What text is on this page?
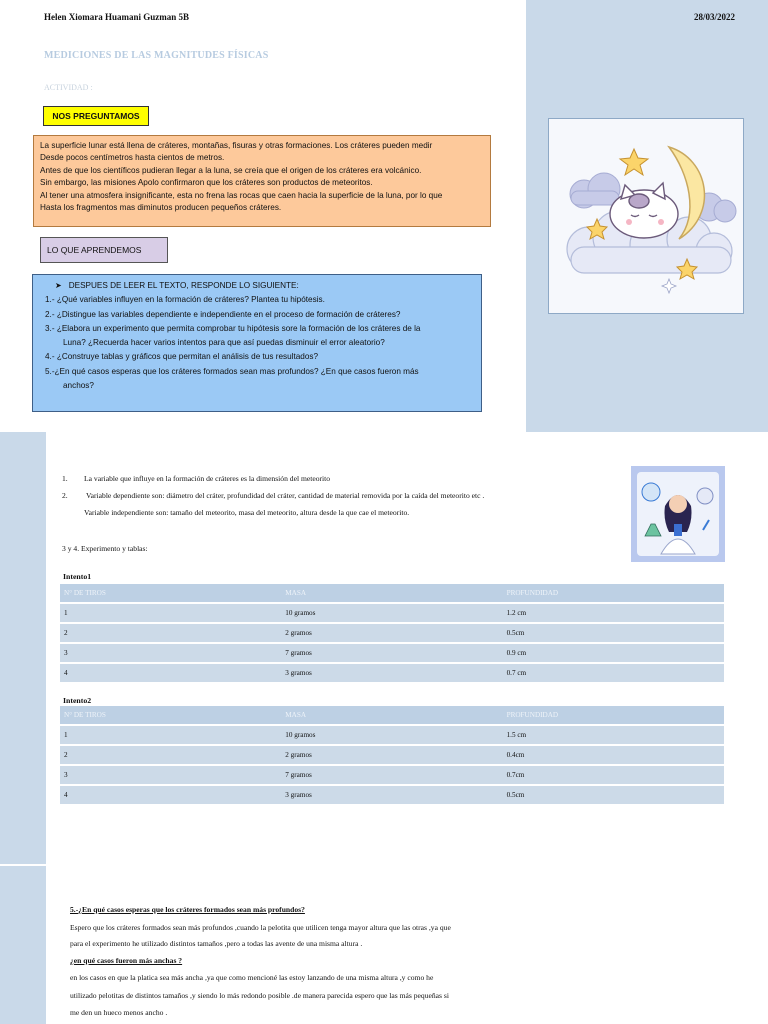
Helen Xiomara Huamani Guzman 5B	28/03/2022
MEDICIONES DE LAS MAGNITUDES FÍSICAS
ACTIVIDAD :
NOS PREGUNTAMOS
La superficie lunar está llena de cráteres, montañas, fisuras y otras formaciones. Los cráteres pueden medir
Desde pocos centímetros hasta cientos de metros.
Antes de que los científicos pudieran llegar a la luna, se creía que el origen de los cráteres era volcánico.
Sin embargo, las misiones Apolo confirmaron que los cráteres son productos de meteoritos.
Al tener una atmosfera insignificante, esta no frena las rocas que caen hacia la superficie de la luna, por lo que
Hasta los fragmentos mas diminutos producen pequeños cráteres.
LO QUE APRENDEMOS
➤ DESPUES DE LEER EL TEXTO, RESPONDE LO SIGUIENTE:
1.- ¿Qué variables influyen en la formación de cráteres? Plantea tu hipótesis.
2.- ¿Distingue las variables dependiente e independiente en el proceso de formación de cráteres?
3.- ¿Elabora un experimento que permita comprobar tu hipótesis sore la formación de los cráteres de la
Luna? ¿Recuerda hacer varios intentos para que así puedas disminuir el error aleatorio?
4.- ¿Construye tablas y gráficos que permitan el análisis de tus resultados?
5.-¿En qué casos esperas que los cráteres formados sean mas profundos? ¿En que casos fueron más
anchos?
1. La variable que influye en la formación de cráteres es la dimensión del meteorito
2. Variable dependiente son: diámetro del cráter, profundidad del cráter, cantidad de material removida por la caída del meteorito etc .
Variable independiente son: tamaño del meteorito, masa del meteorito, altura desde la que cae el meteorito.
3 y 4. Experimento y tablas:
Intento1
N° DE TIROS	MASA	PROFUNDIDAD
1	10 gramos	1.2 cm
2	2 gramos	0.5cm
3	7 gramos	0.9 cm
4	3 gramos	0.7 cm
Intento2
N° DE TIROS	MASA	PROFUNDIDAD
1	10 gramos	1.5 cm
2	2 gramos	0.4cm
3	7 gramos	0.7cm
4	3 gramos	0.5cm
5.-¿En qué casos esperas que los cráteres formados sean más profundos?
Espero que los cráteres formados sean más profundos ,cuando la pelotita que utilicen tenga mayor altura que las otras ,ya que
para el experimento he utilizado distintos tamaños ,pero a todas las avente de una misma altura .
¿en qué casos fueron más anchas ?
en los casos en que la platica sea más ancha ,ya que como mencioné las estoy lanzando de una misma altura ,y como he
utilizado pelotitas de distintos tamaños ,y siendo lo más redondo posible .de manera parecida espero que las más pequeñas si
me den un hueco menos ancho .
